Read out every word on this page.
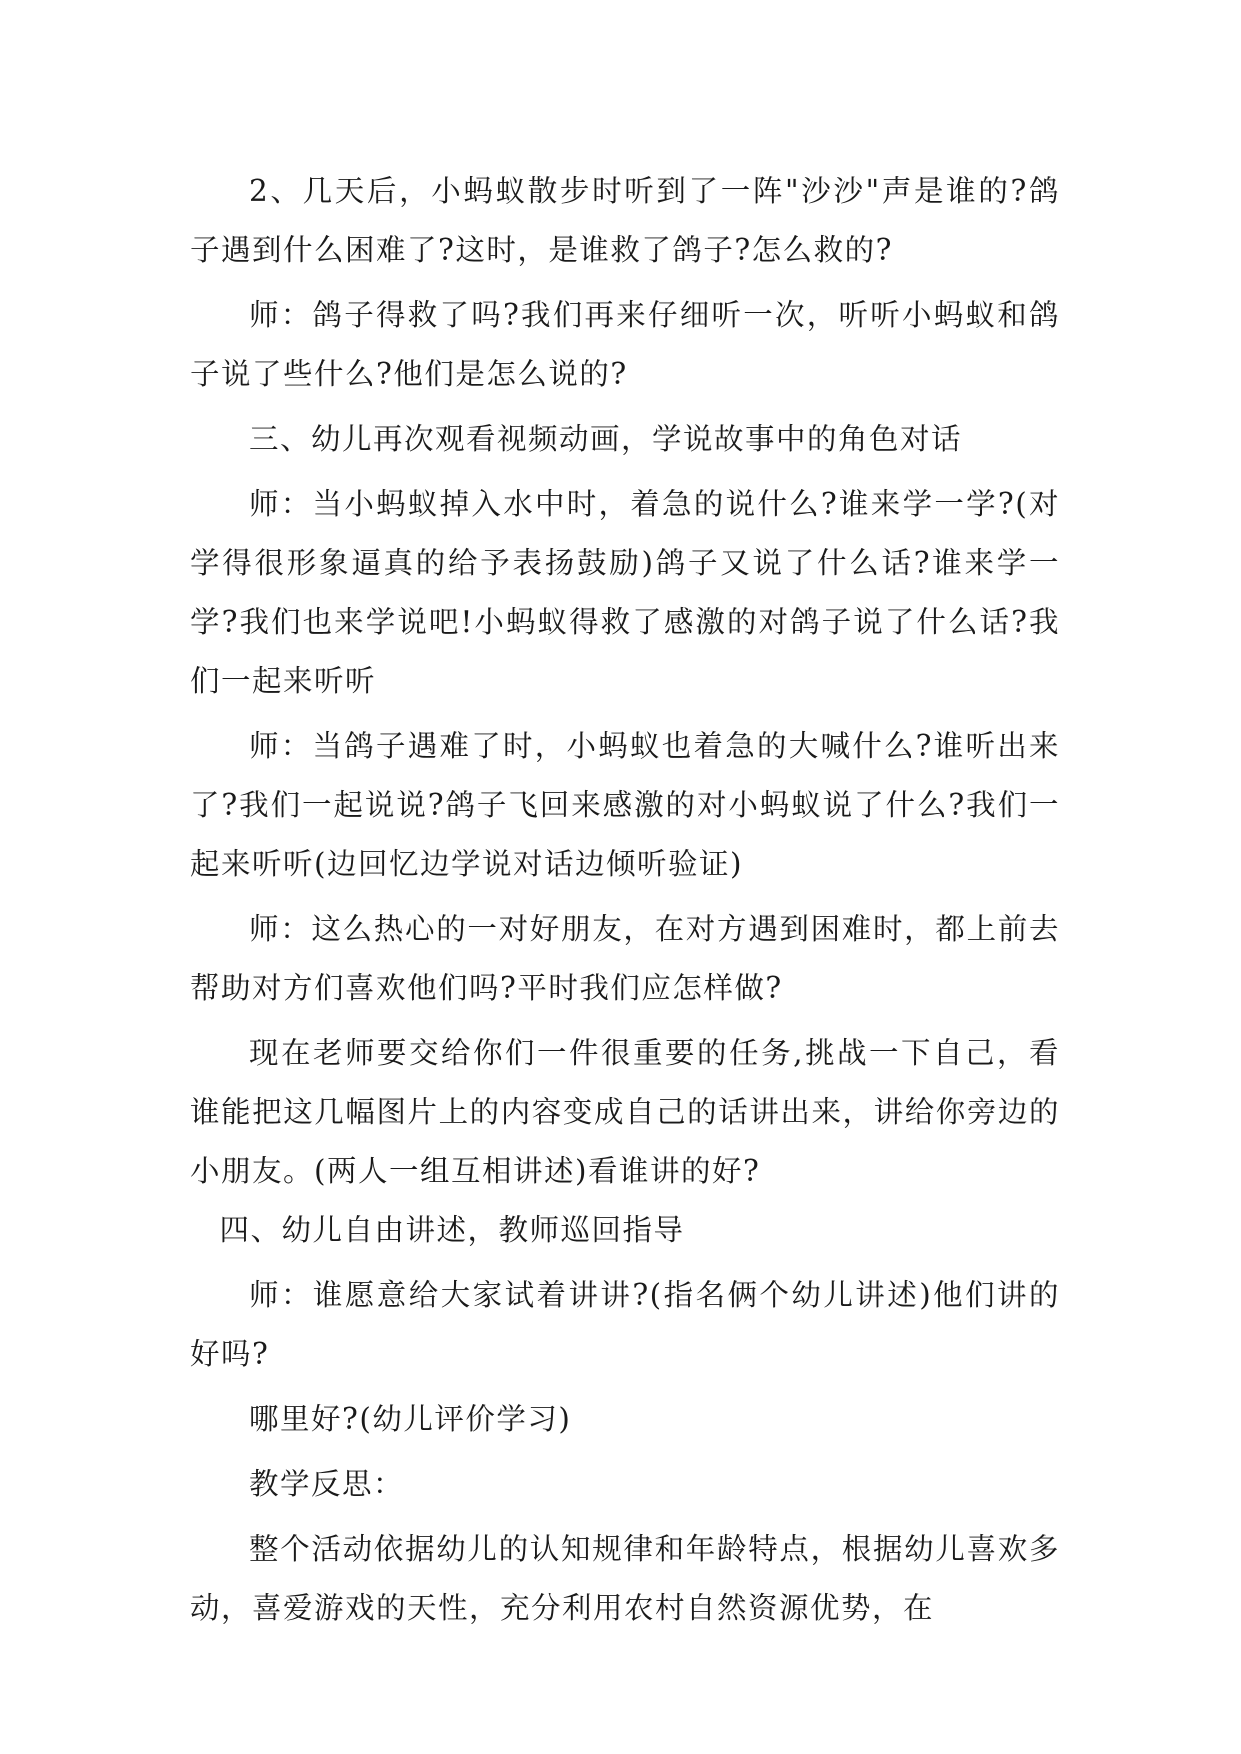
2、几天后，小蚂蚁散步时听到了一阵"沙沙"声是谁的?鸽子遇到什么困难了?这时，是谁救了鸽子?怎么救的?

师：鸽子得救了吗?我们再来仔细听一次，听听小蚂蚁和鸽子说了些什么?他们是怎么说的?

三、幼儿再次观看视频动画，学说故事中的角色对话

师：当小蚂蚁掉入水中时，着急的说什么?谁来学一学?(对学得很形象逼真的给予表扬鼓励)鸽子又说了什么话?谁来学一学?我们也来学说吧!小蚂蚁得救了感激的对鸽子说了什么话?我们一起来听听

师：当鸽子遇难了时，小蚂蚁也着急的大喊什么?谁听出来了?我们一起说说?鸽子飞回来感激的对小蚂蚁说了什么?我们一起来听听(边回忆边学说对话边倾听验证)

师：这么热心的一对好朋友，在对方遇到困难时，都上前去帮助对方们喜欢他们吗?平时我们应怎样做?

现在老师要交给你们一件很重要的任务,挑战一下自己，看谁能把这几幅图片上的内容变成自己的话讲出来，讲给你旁边的小朋友。(两人一组互相讲述)看谁讲的好?

四、幼儿自由讲述，教师巡回指导

师：谁愿意给大家试着讲讲?(指名俩个幼儿讲述)他们讲的好吗?

哪里好?(幼儿评价学习)

教学反思：

整个活动依据幼儿的认知规律和年龄特点，根据幼儿喜欢多动，喜爱游戏的天性，充分利用农村自然资源优势，在
